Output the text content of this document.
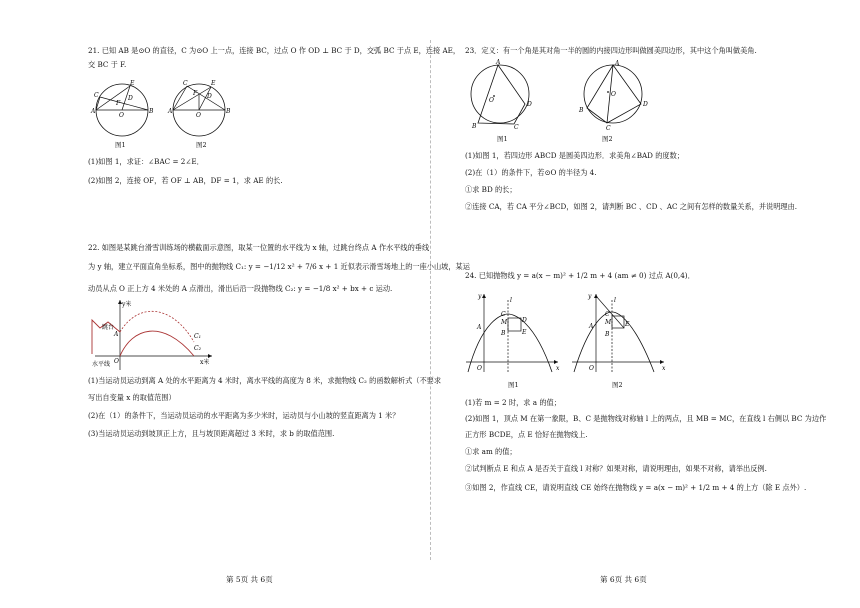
21. 已知 AB 是⊙O 的直径，C 为⊙O 上一点，连接 BC，过点 O 作 OD ⊥ BC 于 D，交弧 BC 于点 E，连接 AE，
交 BC 于 F.
A
C
E
D
F
O
B
图1
A
C	E
D
F
O
B
图2
(1)如图 1，求证：∠BAC = 2∠E．
(2)如图 2，连接 OF，若 OF ⊥ AB，DF = 1，求 AE 的长.
22. 如图是某跳台滑雪训练场的横截面示意图，取某一位置的水平线为 x 轴，过跳台终点 A 作水平线的垂线
为 y 轴，建立平面直角坐标系，图中的抛物线 C₁: y = −1/12 x² + 7/6 x + 1 近似表示滑雪场地上的一座小山坡，某运
动员从点 O 正上方 4 米处的 A 点滑出，滑出后沿一段抛物线 C₂: y = −1/8 x² + bx + c 运动.
y米
跳台
A	C₁
C₂
O	x米
水平线
(1)当运动员运动到离 A 处的水平距离为 4 米时，离水平线的高度为 8 米，求抛物线 C₂ 的函数解析式（不要求
写出自变量 x 的取值范围）
(2)在（1）的条件下，当运动员运动的水平距离为多少米时，运动员与小山坡的竖直距离为 1 米？
(3)当运动员运动到坡顶正上方，且与坡顶距离超过 3 米时，求 b 的取值范围.
第 5页 共 6页
23．定义：有一个角是其对角一半的圆的内接四边形叫做圆美四边形，其中这个角叫做美角.
A
B	C
D
O
图1
A
B
C
D
O
图2
(1)如图 1，若四边形 ABCD 是圆美四边形．求美角∠BAD 的度数；
(2)在（1）的条件下，若⊙O 的半径为 4.
①求 BD 的长；
②连接 CA，若 CA 平分∠BCD，如图 2，请判断 BC 、CD 、AC 之间有怎样的数量关系，并说明理由.
24. 已知抛物线 y = a(x − m)² + 1/2 m + 4 (am ≠ 0) 过点 A(0,4)．
y
l
C
M
A
B
D
E
O	x
图1
y
l
C
M
A
B
E
O	x
图2
(1)若 m = 2 时，求 a 的值；
(2)如图 1，顶点 M 在第一象限，B、C 是抛物线对称轴 l 上的两点，且 MB = MC，在直线 l 右侧以 BC 为边作
正方形 BCDE，点 E 恰好在抛物线上.
①求 am 的值；
②试判断点 E 和点 A 是否关于直线 l 对称？如果对称，请说明理由，如果不对称，请举出反例.
③如图 2，作直线 CE，请说明直线 CE 始终在抛物线 y = a(x − m)² + 1/2 m + 4 的上方（除 E 点外）.
第 6页 共 6页
